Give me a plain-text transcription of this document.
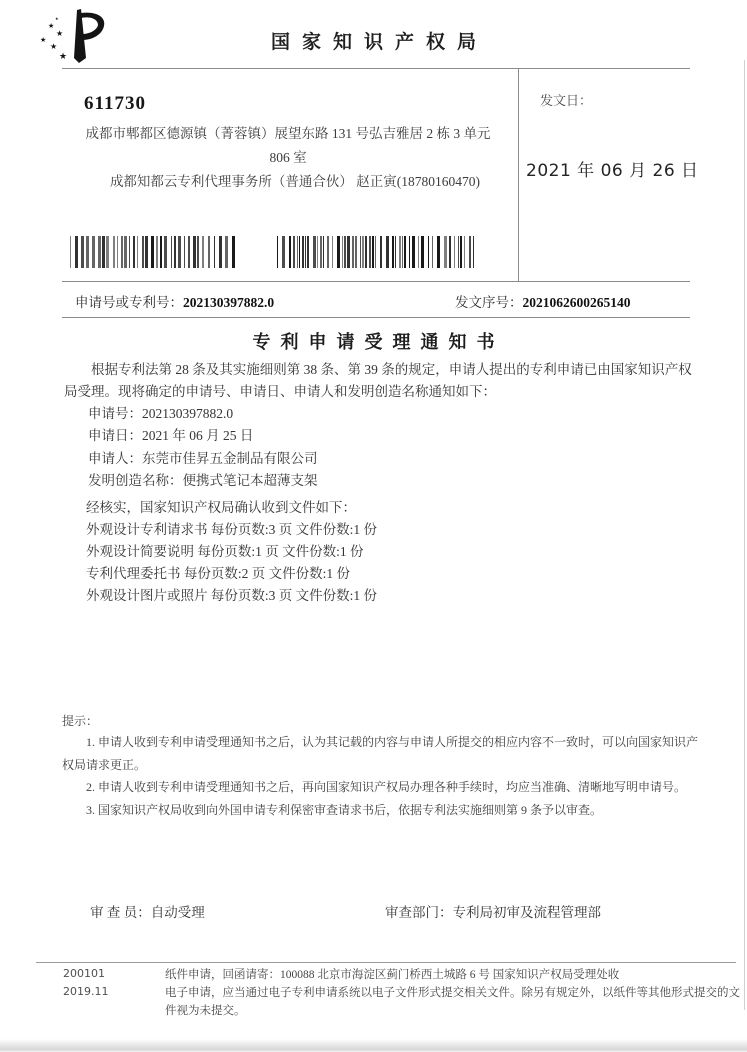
★
★
★
★
★
★
国家知识产权局
611730
成都市郫都区德源镇（菁蓉镇）展望东路 131 号弘吉雅居 2 栋 3 单元
806 室
成都知都云专利代理事务所（普通合伙） 赵正寅(18780160470)
发文日：
2021 年 06 月 26 日
申请号或专利号：202130397882.0	发文序号：2021062600265140
专利申请受理通知书
根据专利法第 28 条及其实施细则第 38 条、第 39 条的规定，申请人提出的专利申请已由国家知识产权局受理。现将确定的申请号、申请日、申请人和发明创造名称通知如下：
申请号：202130397882.0
申请日：2021 年 06 月 25 日
申请人：东莞市佳昇五金制品有限公司
发明创造名称：便携式笔记本超薄支架
经核实，国家知识产权局确认收到文件如下：
外观设计专利请求书 每份页数:3 页 文件份数:1 份
外观设计简要说明 每份页数:1 页 文件份数:1 份
专利代理委托书 每份页数:2 页 文件份数:1 份
外观设计图片或照片 每份页数:3 页 文件份数:1 份
提示：

1. 申请人收到专利申请受理通知书之后，认为其记载的内容与申请人所提交的相应内容不一致时，可以向国家知识产权局请求更正。

2. 申请人收到专利申请受理通知书之后，再向国家知识产权局办理各种手续时，均应当准确、清晰地写明申请号。

3. 国家知识产权局收到向外国申请专利保密审查请求书后，依据专利法实施细则第 9 条予以审查。

审 查 员：自动受理	审查部门：专利局初审及流程管理部
200101
2019.11
纸件申请，回函请寄：100088 北京市海淀区蓟门桥西土城路 6 号 国家知识产权局受理处收
电子申请，应当通过电子专利申请系统以电子文件形式提交相关文件。除另有规定外，以纸件等其他形式提交的文件视为未提交。
